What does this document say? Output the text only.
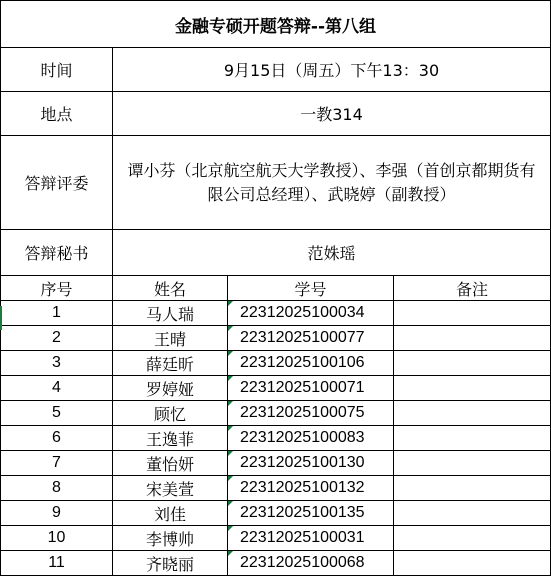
金融专硕开题答辩--第八组			
时间	9月15日（周五）下午13：30		
地点	一教314		
答辩评委	谭小芬（北京航空航天大学教授）、李强（首创京都期货有限公司总经理）、武晓婷（副教授）		
答辩秘书	范姝瑶		
序号	姓名	学号	备注
1	马人瑞	22312025100034	
2	王晴	22312025100077	
3	薛廷昕	22312025100106	
4	罗婷娅	22312025100071	
5	顾忆	22312025100075	
6	王逸菲	22312025100083	
7	董怡妍	22312025100130	
8	宋美萱	22312025100132	
9	刘佳	22312025100135	
10	李博帅	22312025100031	
11	齐晓丽	22312025100068	
